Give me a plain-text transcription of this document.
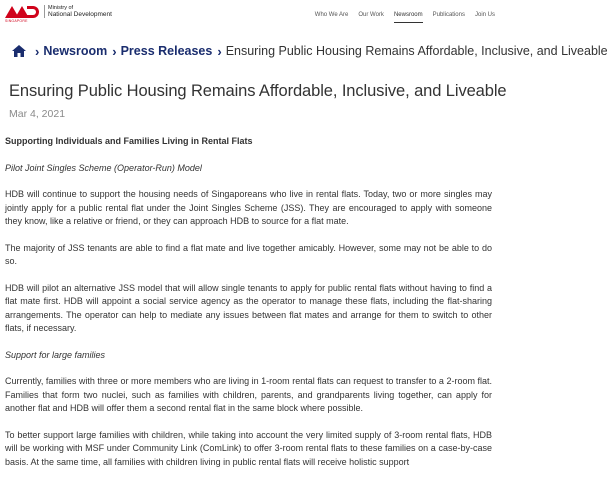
SINGAPORE
Ministry of
National Development	Who We Are Our Work Newsroom Publications Join Us
› Newsroom › Press Releases › Ensuring Public Housing Remains Affordable, Inclusive, and Liveable
Ensuring Public Housing Remains Affordable, Inclusive, and Liveable
Mar 4, 2021

Supporting Individuals and Families Living in Rental Flats

Pilot Joint Singles Scheme (Operator-Run) Model

HDB will continue to support the housing needs of Singaporeans who live in rental flats. Today, two or more singles may jointly apply for a public rental flat under the Joint Singles Scheme (JSS). They are encouraged to apply with someone they know, like a relative or friend, or they can approach HDB to source for a flat mate.

The majority of JSS tenants are able to find a flat mate and live together amicably. However, some may not be able to do so.

HDB will pilot an alternative JSS model that will allow single tenants to apply for public rental flats without having to find a flat mate first. HDB will appoint a social service agency as the operator to manage these flats, including the flat-sharing arrangements. The operator can help to mediate any issues between flat mates and arrange for them to switch to other flats, if necessary.

Support for large families

Currently, families with three or more members who are living in 1-room rental flats can request to transfer to a 2-room flat. Families that form two nuclei, such as families with children, parents, and grandparents living together, can apply for another flat and HDB will offer them a second rental flat in the same block where possible.

To better support large families with children, while taking into account the very limited supply of 3-room rental flats, HDB will be working with MSF under Community Link (ComLink) to offer 3-room rental flats to these families on a case-by-case basis. At the same time, all families with children living in public rental flats will receive holistic support
